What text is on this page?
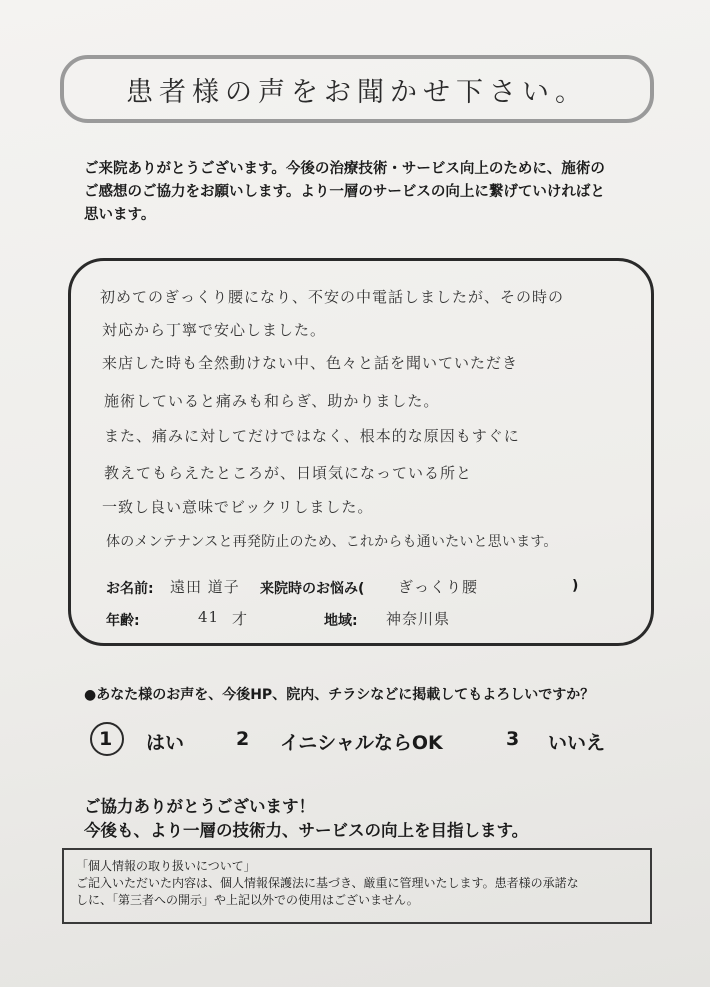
患者様の声をお聞かせ下さい。
ご来院ありがとうございます。今後の治療技術・サービス向上のために、施術の
ご感想のご協力をお願いします。より一層のサービスの向上に繋げていければと
思います。
初めてのぎっくり腰になり、不安の中電話しましたが、その時の
対応から丁寧で安心しました。
来店した時も全然動けない中、色々と話を聞いていただき
施術していると痛みも和らぎ、助かりました。
また、痛みに対してだけではなく、根本的な原因もすぐに
教えてもらえたところが、日頃気になっている所と
一致し良い意味でビックリしました。
体のメンテナンスと再発防止のため、これからも通いたいと思います。
お名前: 遠田 道子 来院時のお悩み( ぎっくり腰	)
年齢:	41 才	地域: 神奈川県
●あなた様のお声を、今後HP、院内、チラシなどに掲載してもよろしいですか？
1 はい	2 イニシャルならOK	3 いいえ
ご協力ありがとうございます！
今後も、より一層の技術力、サービスの向上を目指します。
「個人情報の取り扱いについて」
ご記入いただいた内容は、個人情報保護法に基づき、厳重に管理いたします。患者様の承諾な
しに、「第三者への開示」や上記以外での使用はございません。
